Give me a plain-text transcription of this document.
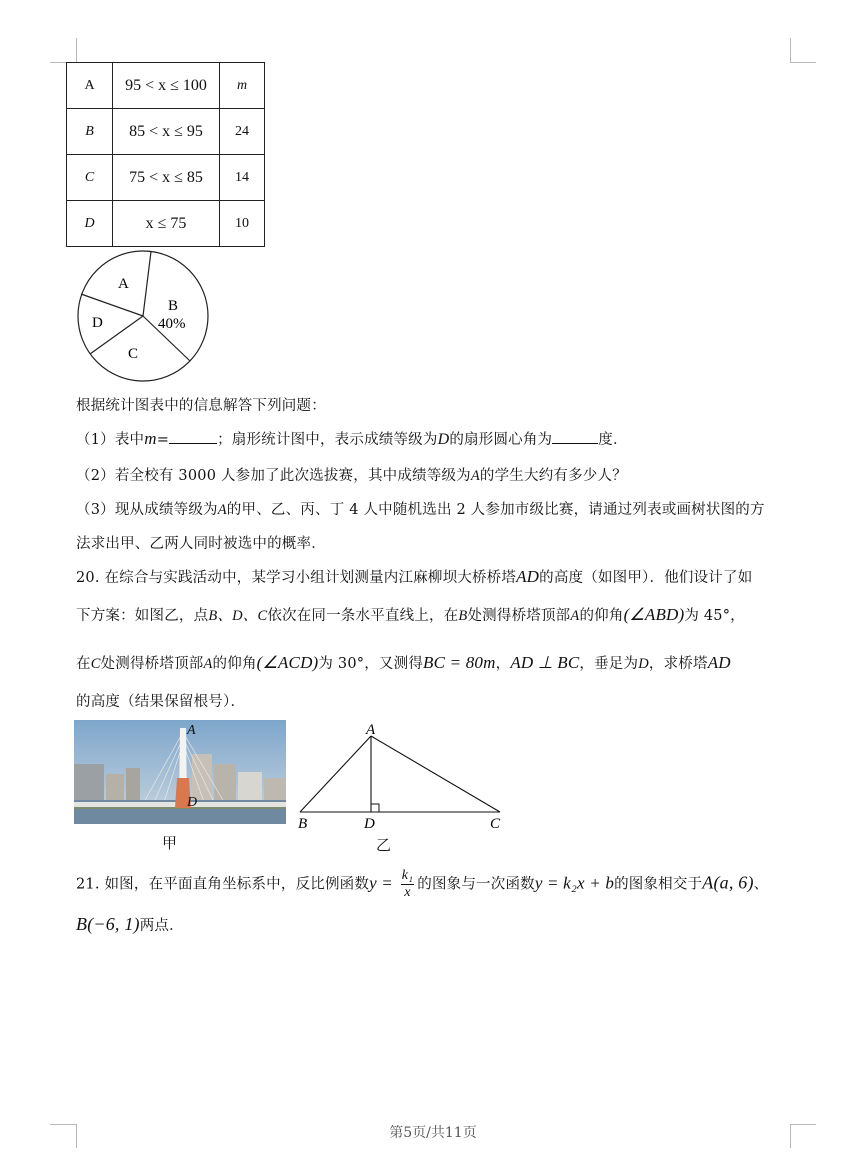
A	95 < x ≤ 100	m
B	85 < x ≤ 95	24
C	75 < x ≤ 85	14
D	x ≤ 75	10
A
B
40%
C
D
根据统计图表中的信息解答下列问题：
（1）表中m=	；扇形统计图中，表示成绩等级为D的扇形圆心角为	度．
（2）若全校有 3000 人参加了此次选拔赛，其中成绩等级为A的学生大约有多少人？
（3）现从成绩等级为A的甲、乙、丙、丁 4 人中随机选出 2 人参加市级比赛，请通过列表或画树状图的方
法求出甲、乙两人同时被选中的概率．
20. 在综合与实践活动中，某学习小组计划测量内江麻柳坝大桥桥塔AD的高度（如图甲）．他们设计了如
下方案：如图乙，点B、D、C依次在同一条水平直线上，在B处测得桥塔顶部A的仰角(∠ABD)为 45°，
在C处测得桥塔顶部A的仰角(∠ACD)为 30°，又测得BC = 80m，AD ⊥ BC，垂足为D，求桥塔AD
的高度（结果保留根号）．
A
D
甲
A
B	D	C
乙
21. 如图，在平面直角坐标系中，反比例函数$y = \frac{\text{k₁}}{x}$ 的图象与一次函数y = k₂x + b的图象相交于A(a, 6)、
B(−6, 1)两点．
第5页/共11页
